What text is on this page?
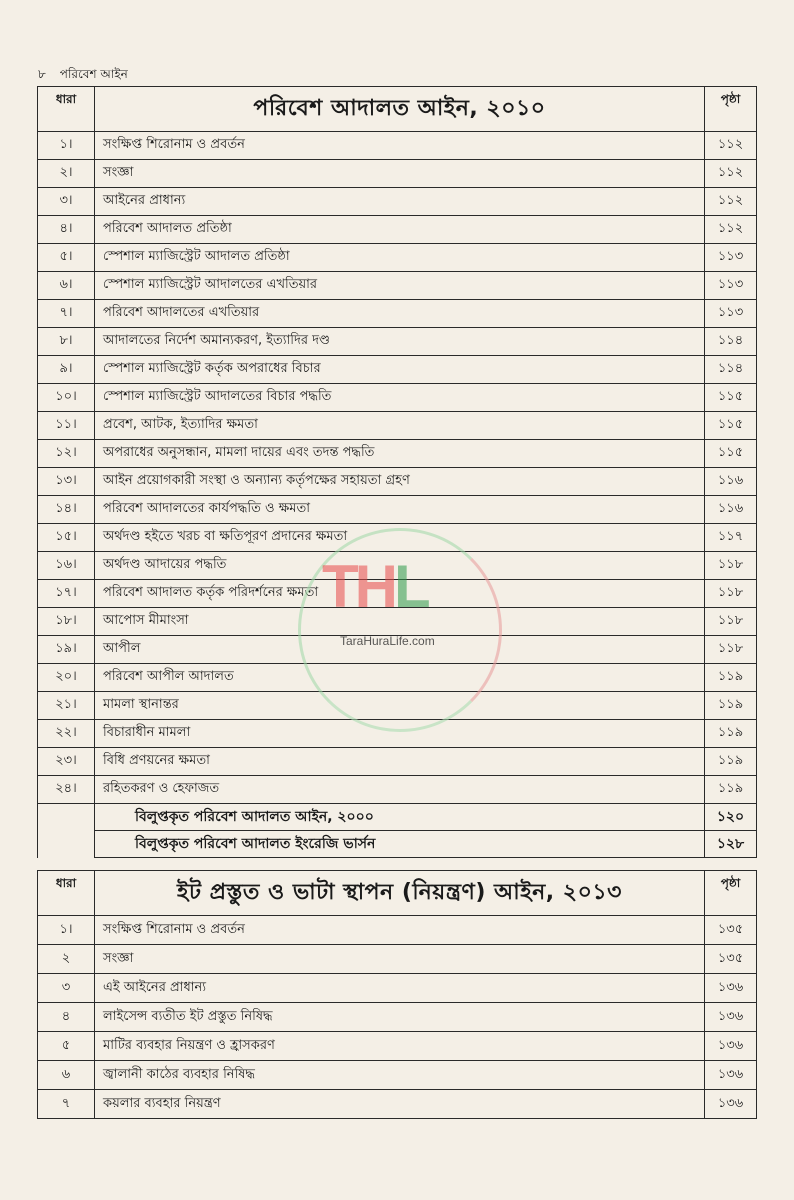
৮ পরিবেশ আইন
ধারা	পরিবেশ আদালত আইন, ২০১০	পৃষ্ঠা
১।	সংক্ষিপ্ত শিরোনাম ও প্রবর্তন	১১২
২।	সংজ্ঞা	১১২
৩।	আইনের প্রাধান্য	১১২
৪।	পরিবেশ আদালত প্রতিষ্ঠা	১১২
৫।	স্পেশাল ম্যাজিস্ট্রেট আদালত প্রতিষ্ঠা	১১৩
৬।	স্পেশাল ম্যাজিস্ট্রেট আদালতের এখতিয়ার	১১৩
৭।	পরিবেশ আদালতের এখতিয়ার	১১৩
৮।	আদালতের নির্দেশ অমান্যকরণ, ইত্যাদির দণ্ড	১১৪
৯।	স্পেশাল ম্যাজিস্ট্রেট কর্তৃক অপরাধের বিচার	১১৪
১০।	স্পেশাল ম্যাজিস্ট্রেট আদালতের বিচার পদ্ধতি	১১৫
১১।	প্রবেশ, আটক, ইত্যাদির ক্ষমতা	১১৫
১২।	অপরাধের অনুসন্ধান, মামলা দায়ের এবং তদন্ত পদ্ধতি	১১৫
১৩।	আইন প্রয়োগকারী সংস্থা ও অন্যান্য কর্তৃপক্ষের সহায়তা গ্রহণ	১১৬
১৪।	পরিবেশ আদালতের কার্যপদ্ধতি ও ক্ষমতা	১১৬
১৫।	অর্থদণ্ড হইতে খরচ বা ক্ষতিপূরণ প্রদানের ক্ষমতা	১১৭
১৬।	অর্থদণ্ড আদায়ের পদ্ধতি	১১৮
১৭।	পরিবেশ আদালত কর্তৃক পরিদর্শনের ক্ষমতা	১১৮
১৮।	আপোস মীমাংসা	১১৮
১৯।	আপীল	১১৮
২০।	পরিবেশ আপীল আদালত	১১৯
২১।	মামলা স্থানান্তর	১১৯
২২।	বিচারাধীন মামলা	১১৯
২৩।	বিধি প্রণয়নের ক্ষমতা	১১৯
২৪।	রহিতকরণ ও হেফাজত	১১৯
	বিলুপ্তকৃত পরিবেশ আদালত আইন, ২০০০	১২০
	বিলুপ্তকৃত পরিবেশ আদালত ইংরেজি ভার্সন	১২৮
ধারা	ইট প্রস্তুত ও ভাটা স্থাপন (নিয়ন্ত্রণ) আইন, ২০১৩	পৃষ্ঠা
১।	সংক্ষিপ্ত শিরোনাম ও প্রবর্তন	১৩৫
২	সংজ্ঞা	১৩৫
৩	এই আইনের প্রাধান্য	১৩৬
৪	লাইসেন্স ব্যতীত ইট প্রস্তুত নিষিদ্ধ	১৩৬
৫	মাটির ব্যবহার নিয়ন্ত্রণ ও হ্রাসকরণ	১৩৬
৬	জ্বালানী কাঠের ব্যবহার নিষিদ্ধ	১৩৬
৭	কয়লার ব্যবহার নিয়ন্ত্রণ	১৩৬
THL
TaraHuraLife.com
